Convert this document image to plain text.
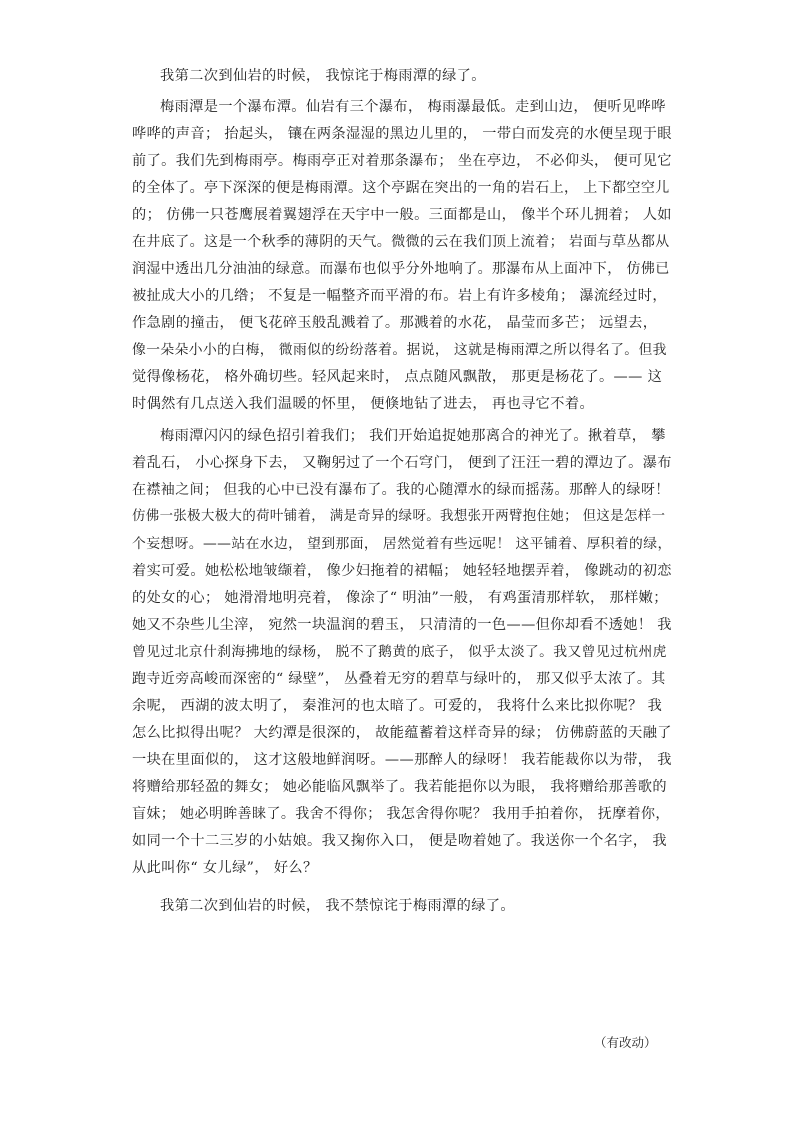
我第二次到仙岩的时候， 我惊诧于梅雨潭的绿了。
梅雨潭是一个瀑布潭。仙岩有三个瀑布， 梅雨瀑最低。走到山边， 便听见哗哗
哗哗的声音； 抬起头， 镶在两条湿湿的黑边儿里的， 一带白而发亮的水便呈现于眼
前了。我们先到梅雨亭。梅雨亭正对着那条瀑布； 坐在亭边， 不必仰头， 便可见它
的全体了。亭下深深的便是梅雨潭。这个亭踞在突出的一角的岩石上， 上下都空空儿
的； 仿佛一只苍鹰展着翼翅浮在天宇中一般。三面都是山， 像半个环儿拥着； 人如
在井底了。这是一个秋季的薄阴的天气。微微的云在我们顶上流着； 岩面与草丛都从
润湿中透出几分油油的绿意。而瀑布也似乎分外地响了。那瀑布从上面冲下， 仿佛已
被扯成大小的几绺； 不复是一幅整齐而平滑的布。岩上有许多棱角； 瀑流经过时，
作急剧的撞击， 便飞花碎玉般乱溅着了。那溅着的水花， 晶莹而多芒； 远望去，
像一朵朵小小的白梅， 微雨似的纷纷落着。据说， 这就是梅雨潭之所以得名了。但我
觉得像杨花， 格外确切些。轻风起来时， 点点随风飘散， 那更是杨花了。—— 这
时偶然有几点送入我们温暖的怀里， 便倏地钻了进去， 再也寻它不着。
梅雨潭闪闪的绿色招引着我们； 我们开始追捉她那离合的神光了。揪着草， 攀
着乱石， 小心探身下去， 又鞠躬过了一个石穹门， 便到了汪汪一碧的潭边了。瀑布
在襟袖之间； 但我的心中已没有瀑布了。我的心随潭水的绿而摇荡。那醉人的绿呀！
仿佛一张极大极大的荷叶铺着， 满是奇异的绿呀。我想张开两臂抱住她； 但这是怎样一
个妄想呀。——站在水边， 望到那面， 居然觉着有些远呢！ 这平铺着、厚积着的绿，
着实可爱。她松松地皱缬着， 像少妇拖着的裙幅； 她轻轻地摆弄着， 像跳动的初恋
的处女的心； 她滑滑地明亮着， 像涂了“ 明油”一般， 有鸡蛋清那样软， 那样嫩；
她又不杂些儿尘滓， 宛然一块温润的碧玉， 只清清的一色——但你却看不透她！ 我
曾见过北京什刹海拂地的绿杨， 脱不了鹅黄的底子， 似乎太淡了。我又曾见过杭州虎
跑寺近旁高峻而深密的“ 绿壁”， 丛叠着无穷的碧草与绿叶的， 那又似乎太浓了。其
余呢， 西湖的波太明了， 秦淮河的也太暗了。可爱的， 我将什么来比拟你呢？ 我
怎么比拟得出呢？ 大约潭是很深的， 故能蕴蓄着这样奇异的绿； 仿佛蔚蓝的天融了
一块在里面似的， 这才这般地鲜润呀。——那醉人的绿呀！ 我若能裁你以为带， 我
将赠给那轻盈的舞女； 她必能临风飘举了。我若能挹你以为眼， 我将赠给那善歌的
盲妹； 她必明眸善睐了。我舍不得你； 我怎舍得你呢？ 我用手拍着你， 抚摩着你，
如同一个十二三岁的小姑娘。我又掬你入口， 便是吻着她了。我送你一个名字， 我
从此叫你“ 女儿绿”， 好么？
我第二次到仙岩的时候， 我不禁惊诧于梅雨潭的绿了。
（有改动）
